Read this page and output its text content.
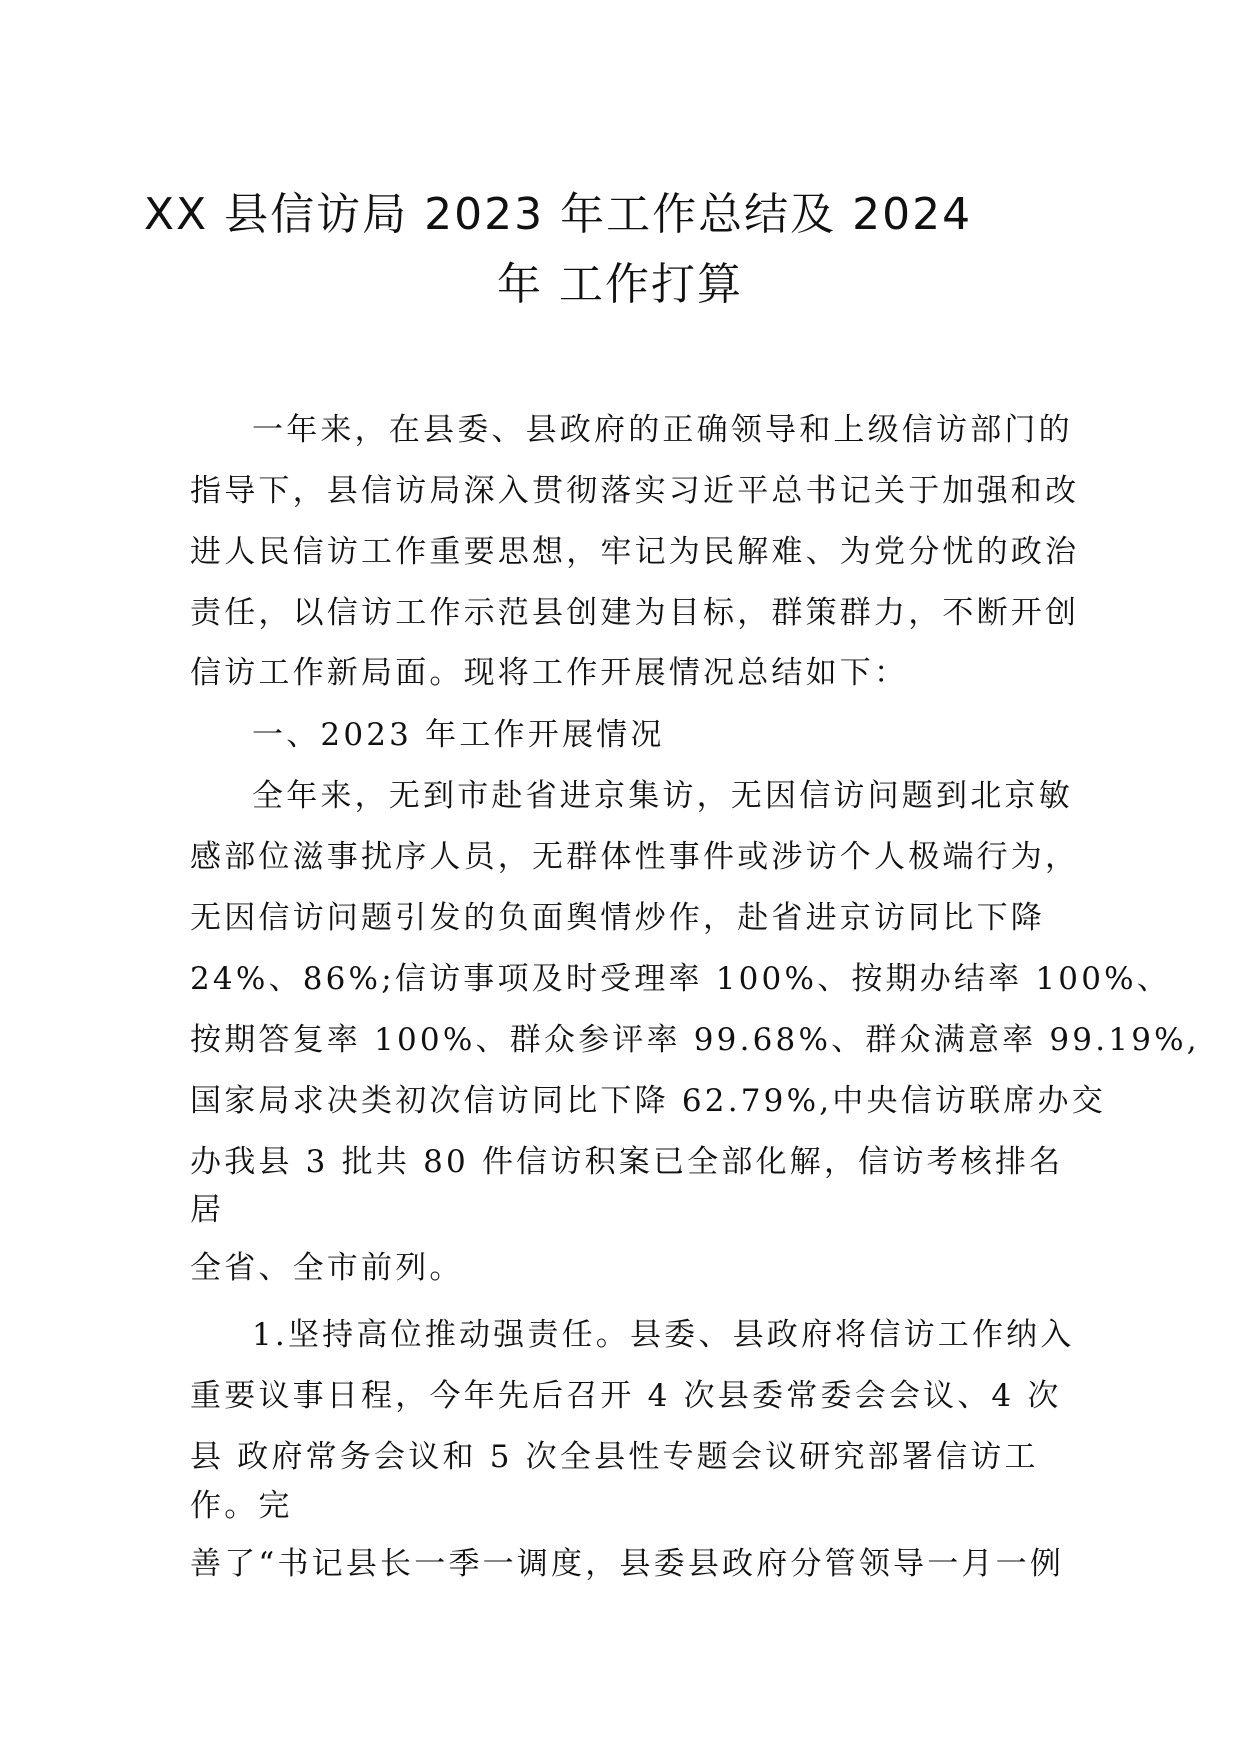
XX 县信访局 2023 年工作总结及 2024
年 工作打算
一年来，在县委、县政府的正确领导和上级信访部门的
指导下，县信访局深入贯彻落实习近平总书记关于加强和改
进人民信访工作重要思想，牢记为民解难、为党分忧的政治
责任，以信访工作示范县创建为目标，群策群力，不断开创
信访工作新局面。现将工作开展情况总结如下：
一、2023 年工作开展情况
全年来，无到市赴省进京集访，无因信访问题到北京敏
感部位滋事扰序人员，无群体性事件或涉访个人极端行为，
无因信访问题引发的负面舆情炒作，赴省进京访同比下降
24%、86%;信访事项及时受理率 100%、按期办结率 100%、
按期答复率 100%、群众参评率 99.68%、群众满意率 99.19%,
国家局求决类初次信访同比下降 62.79%,中央信访联席办交
办我县 3 批共 80 件信访积案已全部化解，信访考核排名
居
全省、全市前列。
1.坚持高位推动强责任。县委、县政府将信访工作纳入
重要议事日程，今年先后召开 4 次县委常委会会议、4 次
县 政府常务会议和 5 次全县性专题会议研究部署信访工
作。完
善了“书记县长一季一调度，县委县政府分管领导一月一例
